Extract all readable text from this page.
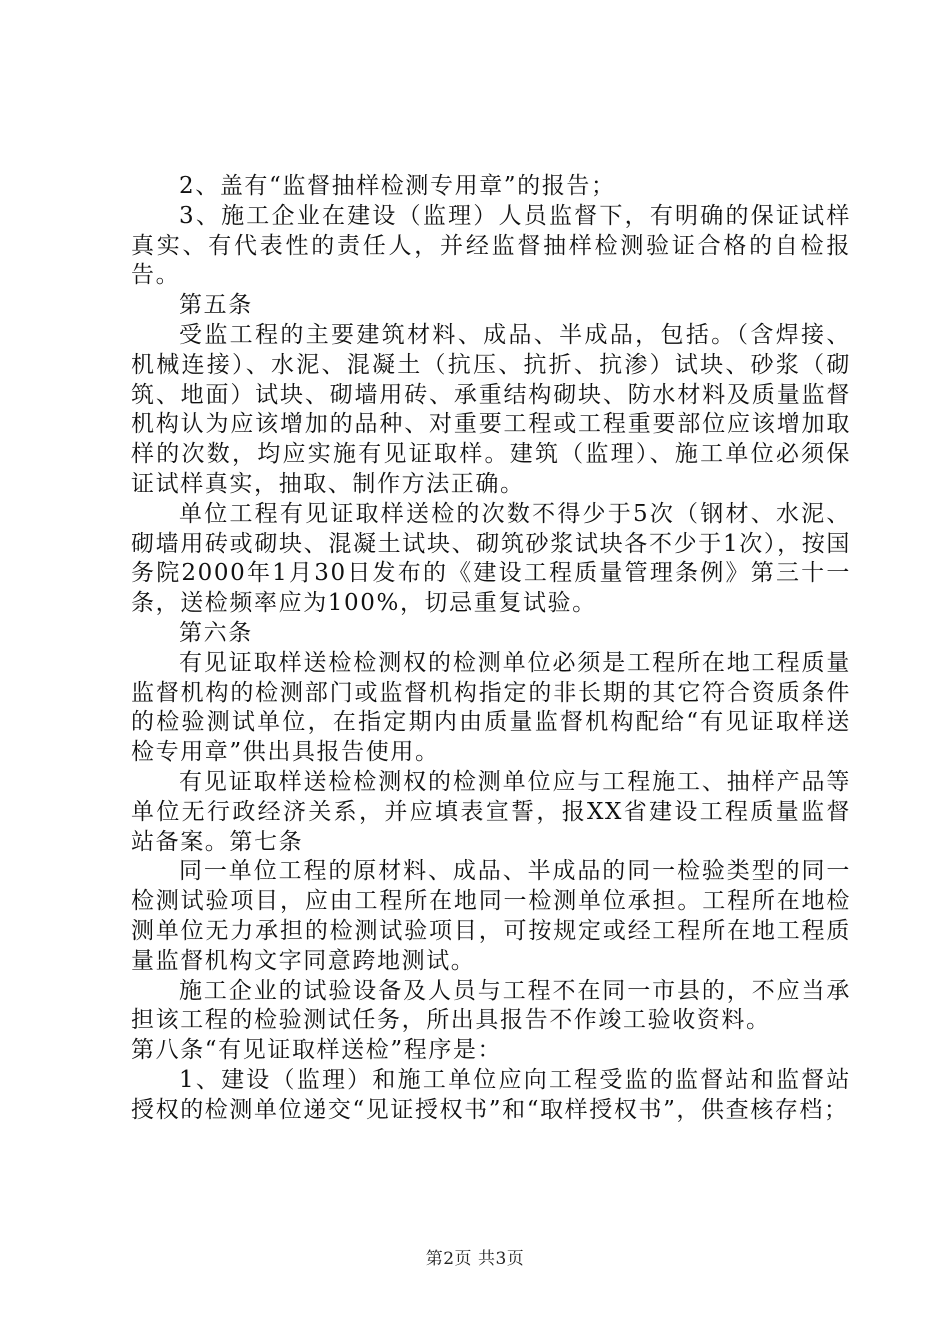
2、盖有“监督抽样检测专用章”的报告；

3、施工企业在建设（监理）人员监督下，有明确的保证试样真实、有代表性的责任人，并经监督抽样检测验证合格的自检报告。

第五条

受监工程的主要建筑材料、成品、半成品，包括。（含焊接、机械连接）、水泥、混凝土（抗压、抗折、抗渗）试块、砂浆（砌筑、地面）试块、砌墙用砖、承重结构砌块、防水材料及质量监督机构认为应该增加的品种、对重要工程或工程重要部位应该增加取样的次数，均应实施有见证取样。建筑（监理）、施工单位必须保证试样真实，抽取、制作方法正确。

单位工程有见证取样送检的次数不得少于5次（钢材、水泥、砌墙用砖或砌块、混凝土试块、砌筑砂浆试块各不少于1次），按国务院2000年1月30日发布的《建设工程质量管理条例》第三十一条，送检频率应为100%，切忌重复试验。

第六条

有见证取样送检检测权的检测单位必须是工程所在地工程质量监督机构的检测部门或监督机构指定的非长期的其它符合资质条件的检验测试单位，在指定期内由质量监督机构配给“有见证取样送检专用章”供出具报告使用。

有见证取样送检检测权的检测单位应与工程施工、抽样产品等单位无行政经济关系，并应填表宣誓，报XX省建设工程质量监督站备案。第七条

同一单位工程的原材料、成品、半成品的同一检验类型的同一检测试验项目，应由工程所在地同一检测单位承担。工程所在地检测单位无力承担的检测试验项目，可按规定或经工程所在地工程质量监督机构文字同意跨地测试。

施工企业的试验设备及人员与工程不在同一市县的，不应当承担该工程的检验测试任务，所出具报告不作竣工验收资料。

第八条“有见证取样送检”程序是：

1、建设（监理）和施工单位应向工程受监的监督站和监督站授权的检测单位递交“见证授权书”和“取样授权书”，供查核存档；

第2页 共3页
